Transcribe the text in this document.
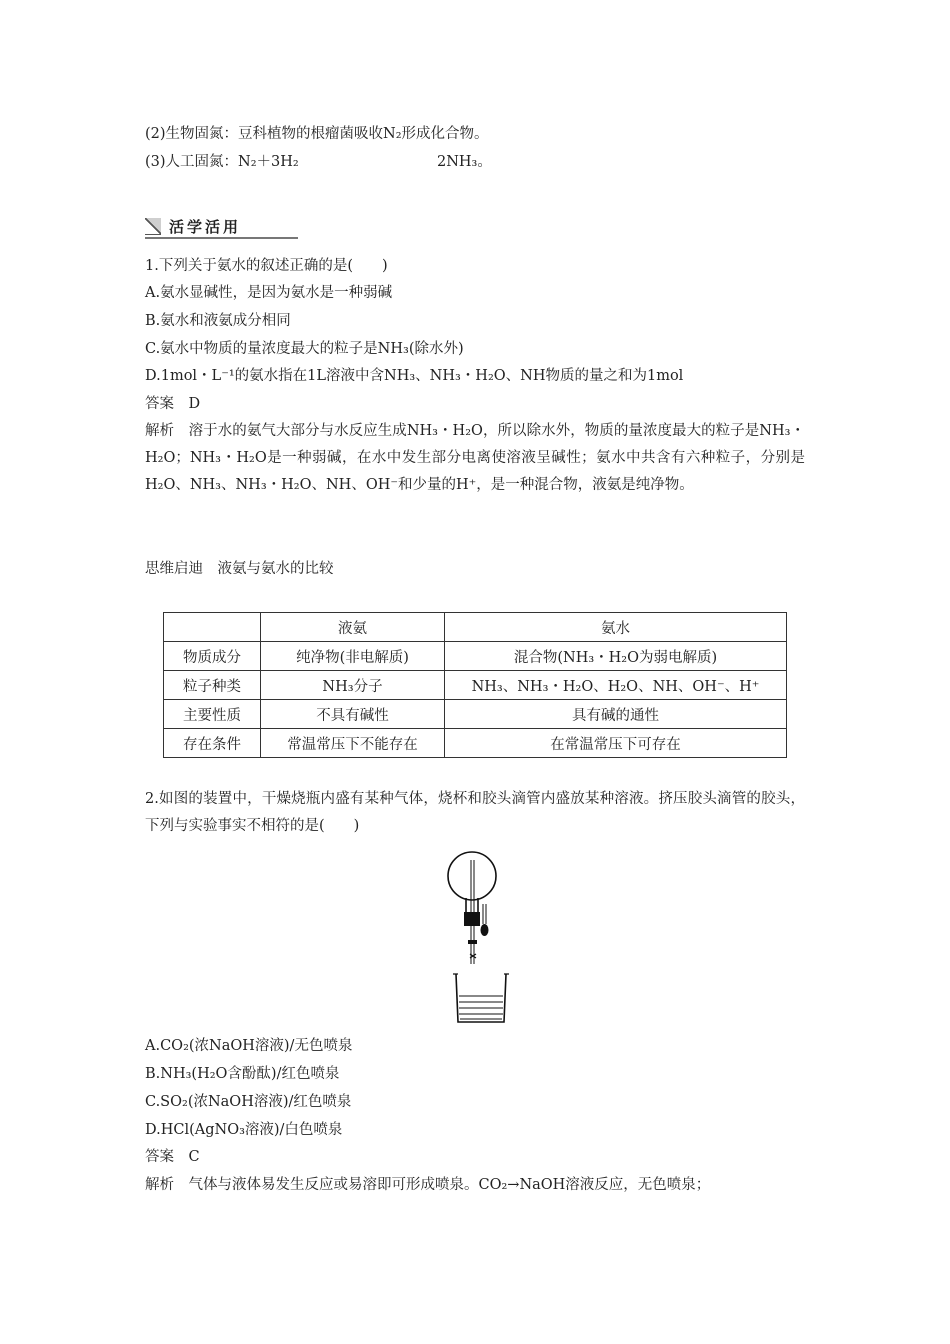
(2)生物固氮：豆科植物的根瘤菌吸收N₂形成化合物。
(3)人工固氮：N₂＋3H₂	2NH₃。
活学活用
1.下列关于氨水的叙述正确的是(　　)
A.氨水显碱性，是因为氨水是一种弱碱
B.氨水和液氨成分相同
C.氨水中物质的量浓度最大的粒子是NH₃(除水外)
D.1mol・L⁻¹的氨水指在1L溶液中含NH₃、NH₃・H₂O、NH物质的量之和为1mol
答案　D
解析　溶于水的氨气大部分与水反应生成NH₃・H₂O，所以除水外，物质的量浓度最大的粒子是NH₃・H₂O；NH₃・H₂O是一种弱碱，在水中发生部分电离使溶液呈碱性；氨水中共含有六种粒子，分别是H₂O、NH₃、NH₃・H₂O、NH、OH⁻和少量的H⁺，是一种混合物，液氨是纯净物。
思维启迪　液氨与氨水的比较
	液氨	氨水
物质成分	纯净物(非电解质)	混合物(NH₃・H₂O为弱电解质)
粒子种类	NH₃分子	NH₃、NH₃・H₂O、H₂O、NH、OH⁻、H⁺
主要性质	不具有碱性	具有碱的通性
存在条件	常温常压下不能存在	在常温常压下可存在
2.如图的装置中，干燥烧瓶内盛有某种气体，烧杯和胶头滴管内盛放某种溶液。挤压胶头滴管的胶头，下列与实验事实不相符的是(　　)
A.CO₂(浓NaOH溶液)/无色喷泉
B.NH₃(H₂O含酚酞)/红色喷泉
C.SO₂(浓NaOH溶液)/红色喷泉
D.HCl(AgNO₃溶液)/白色喷泉
答案　C
解析　气体与液体易发生反应或易溶即可形成喷泉。CO₂→NaOH溶液反应，无色喷泉；
